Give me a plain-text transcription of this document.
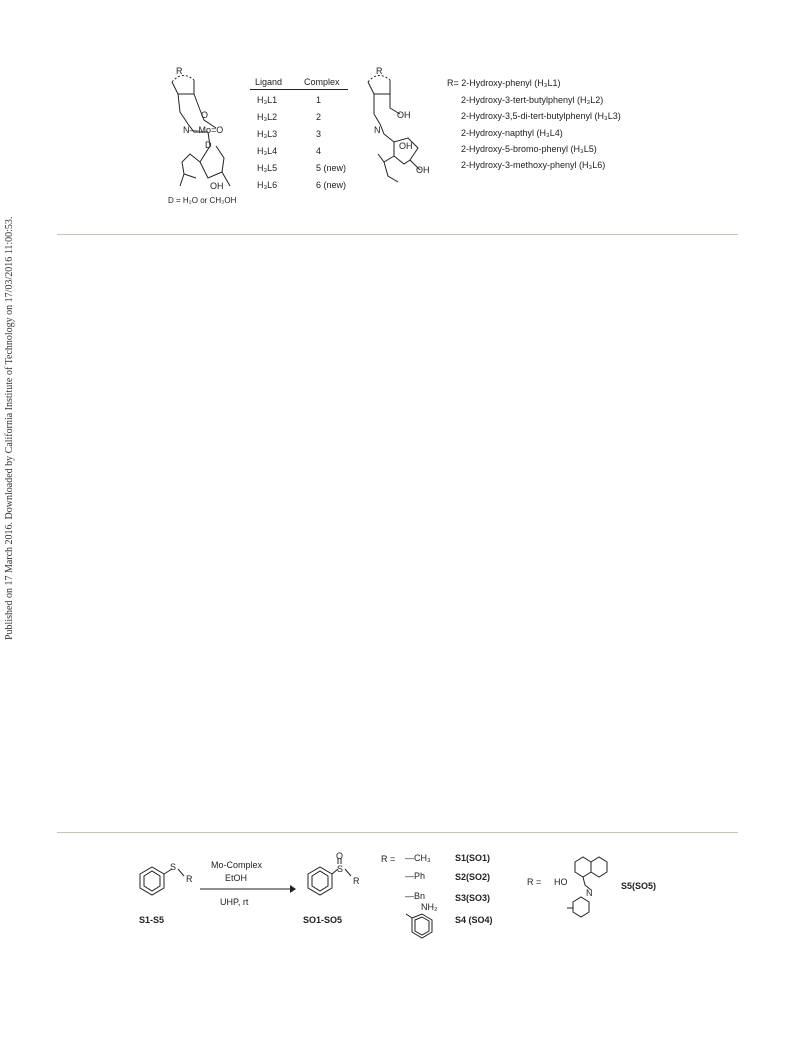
Published on 17 March 2016. Downloaded by California Institute of Technology on 17/03/2016 11:00:53.
R
O
N—Mo=O
D
OH
D = H₂O or CH₃OH
Ligand Complex
H₃L1	1
H₃L2	2
H₃L3	3
H₃L4	4
H₃L5	5 (new)
H₃L6	6 (new)
R
OH
N
OH
OH
R= 2-Hydroxy-phenyl (H₃L1)
2-Hydroxy-3-tert-butylphenyl (H₃L2)
2-Hydroxy-3,5-di-tert-butylphenyl (H₃L3)
2-Hydroxy-napthyl (H₃L4)
2-Hydroxy-5-bromo-phenyl (H₃L5)
2-Hydroxy-3-methoxy-phenyl (H₃L6)
S
R
S1-S5
Mo-Complex
EtOH
UHP, rt
O
S
R
SO1-SO5
R = —CH₃	S1(SO1)
—Ph	S2(SO2)
—Bn	S3(SO3)
NH₂
S4 (SO4)
R = HO
N
S5(SO5)
